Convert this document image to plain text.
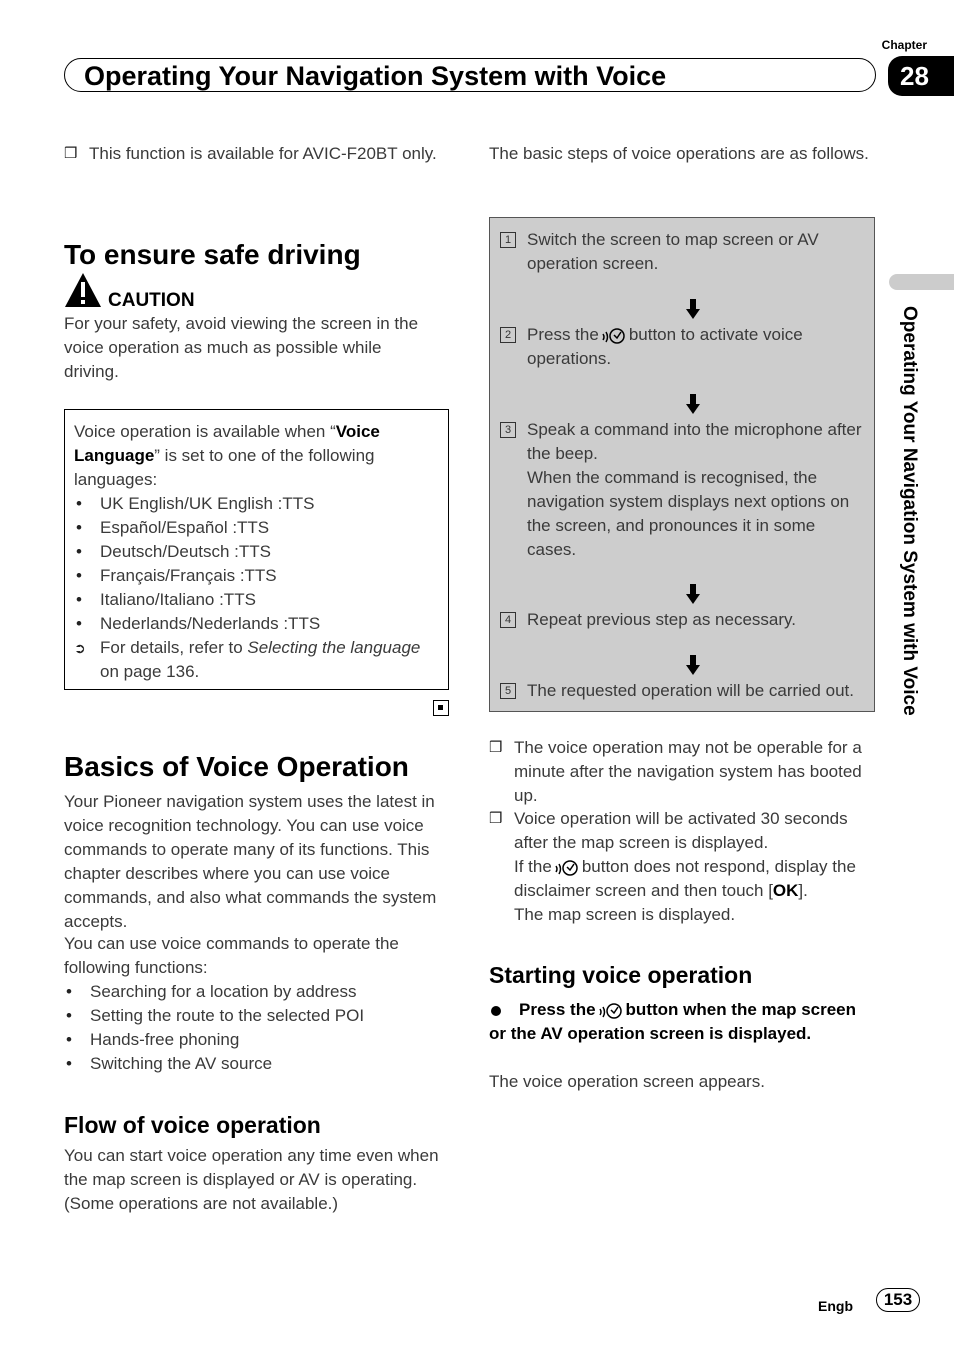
Chapter
Operating Your Navigation System with Voice	28
Operating Your Navigation System with Voice
❒ This function is available for AVIC-F20BT only.
To ensure safe driving
CAUTION
For your safety, avoid viewing the screen in the voice operation as much as possible while driving.
Voice operation is available when “Voice Language” is set to one of the following languages:
• UK English/UK English :TTS
• Español/Español :TTS
• Deutsch/Deutsch :TTS
• Français/Français :TTS
• Italiano/Italiano :TTS
• Nederlands/Nederlands :TTS
➲ For details, refer to Selecting the language on page 136.
Basics of Voice Operation
Your Pioneer navigation system uses the latest in voice recognition technology. You can use voice commands to operate many of its functions. This chapter describes where you can use voice commands, and also what commands the system accepts.
You can use voice commands to operate the following functions:
• Searching for a location by address
• Setting the route to the selected POI
• Hands-free phoning
• Switching the AV source
Flow of voice operation
You can start voice operation any time even when the map screen is displayed or AV is operating. (Some operations are not available.)
The basic steps of voice operations are as follows.
1 Switch the screen to map screen or AV operation screen.
2 Press the button to activate voice operations.
3 Speak a command into the microphone after the beep.
When the command is recognised, the navigation system displays next options on the screen, and pronounces it in some cases.
4 Repeat previous step as necessary.
5 The requested operation will be carried out.
❒ The voice operation may not be operable for a minute after the navigation system has booted up.
❒ Voice operation will be activated 30 seconds after the map screen is displayed.
If the button does not respond, display the disclaimer screen and then touch [OK].
The map screen is displayed.
Starting voice operation
Press the button when the map screen or the AV operation screen is displayed.
The voice operation screen appears.
Engb	153
